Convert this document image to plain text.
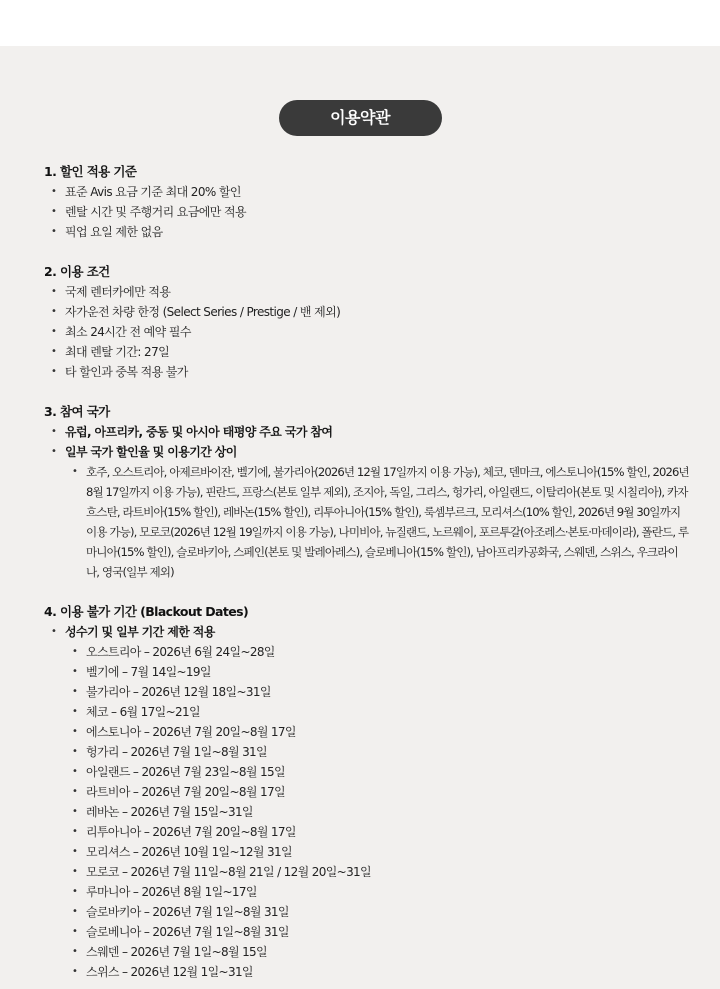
이용약관
1. 할인 적용 기준
• 표준 Avis 요금 기준 최대 20% 할인
• 렌탈 시간 및 주행거리 요금에만 적용
• 픽업 요일 제한 없음
2. 이용 조건
• 국제 렌터카에만 적용
• 자가운전 차량 한정 (Select Series / Prestige / 밴 제외)
• 최소 24시간 전 예약 필수
• 최대 렌탈 기간: 27일
• 타 할인과 중복 적용 불가
3. 참여 국가
• 유럽, 아프리카, 중동 및 아시아 태평양 주요 국가 참여
• 일부 국가 할인율 및 이용기간 상이
• 호주, 오스트리아, 아제르바이잔, 벨기에, 불가리아(2026년 12월 17일까지 이용 가능), 체코, 덴마크, 에스토니아(15% 할인, 2026년 8월 17일까지 이용 가능), 핀란드, 프랑스(본토 일부 제외), 조지아, 독일, 그리스, 헝가리, 아일랜드, 이탈리아(본토 및 시칠리아), 카자흐스탄, 라트비아(15% 할인), 레바논(15% 할인), 리투아니아(15% 할인), 룩셈부르크, 모리셔스(10% 할인, 2026년 9월 30일까지 이용 가능), 모로코(2026년 12월 19일까지 이용 가능), 나미비아, 뉴질랜드, 노르웨이, 포르투갈(아조레스·본토·마데이라), 폴란드, 루마니아(15% 할인), 슬로바키아, 스페인(본토 및 발레아레스), 슬로베니아(15% 할인), 남아프리카공화국, 스웨덴, 스위스, 우크라이나, 영국(일부 제외)
4. 이용 불가 기간 (Blackout Dates)
• 성수기 및 일부 기간 제한 적용
• 오스트리아 – 2026년 6월 24일~28일
• 벨기에 – 7월 14일~19일
• 불가리아 – 2026년 12월 18일~31일
• 체코 – 6월 17일~21일
• 에스토니아 – 2026년 7월 20일~8월 17일
• 헝가리 – 2026년 7월 1일~8월 31일
• 아일랜드 – 2026년 7월 23일~8월 15일
• 라트비아 – 2026년 7월 20일~8월 17일
• 레바논 – 2026년 7월 15일~31일
• 리투아니아 – 2026년 7월 20일~8월 17일
• 모리셔스 – 2026년 10월 1일~12월 31일
• 모로코 – 2026년 7월 11일~8월 21일 / 12월 20일~31일
• 루마니아 – 2026년 8월 1일~17일
• 슬로바키아 – 2026년 7월 1일~8월 31일
• 슬로베니아 – 2026년 7월 1일~8월 31일
• 스웨덴 – 2026년 7월 1일~8월 15일
• 스위스 – 2026년 12월 1일~31일
